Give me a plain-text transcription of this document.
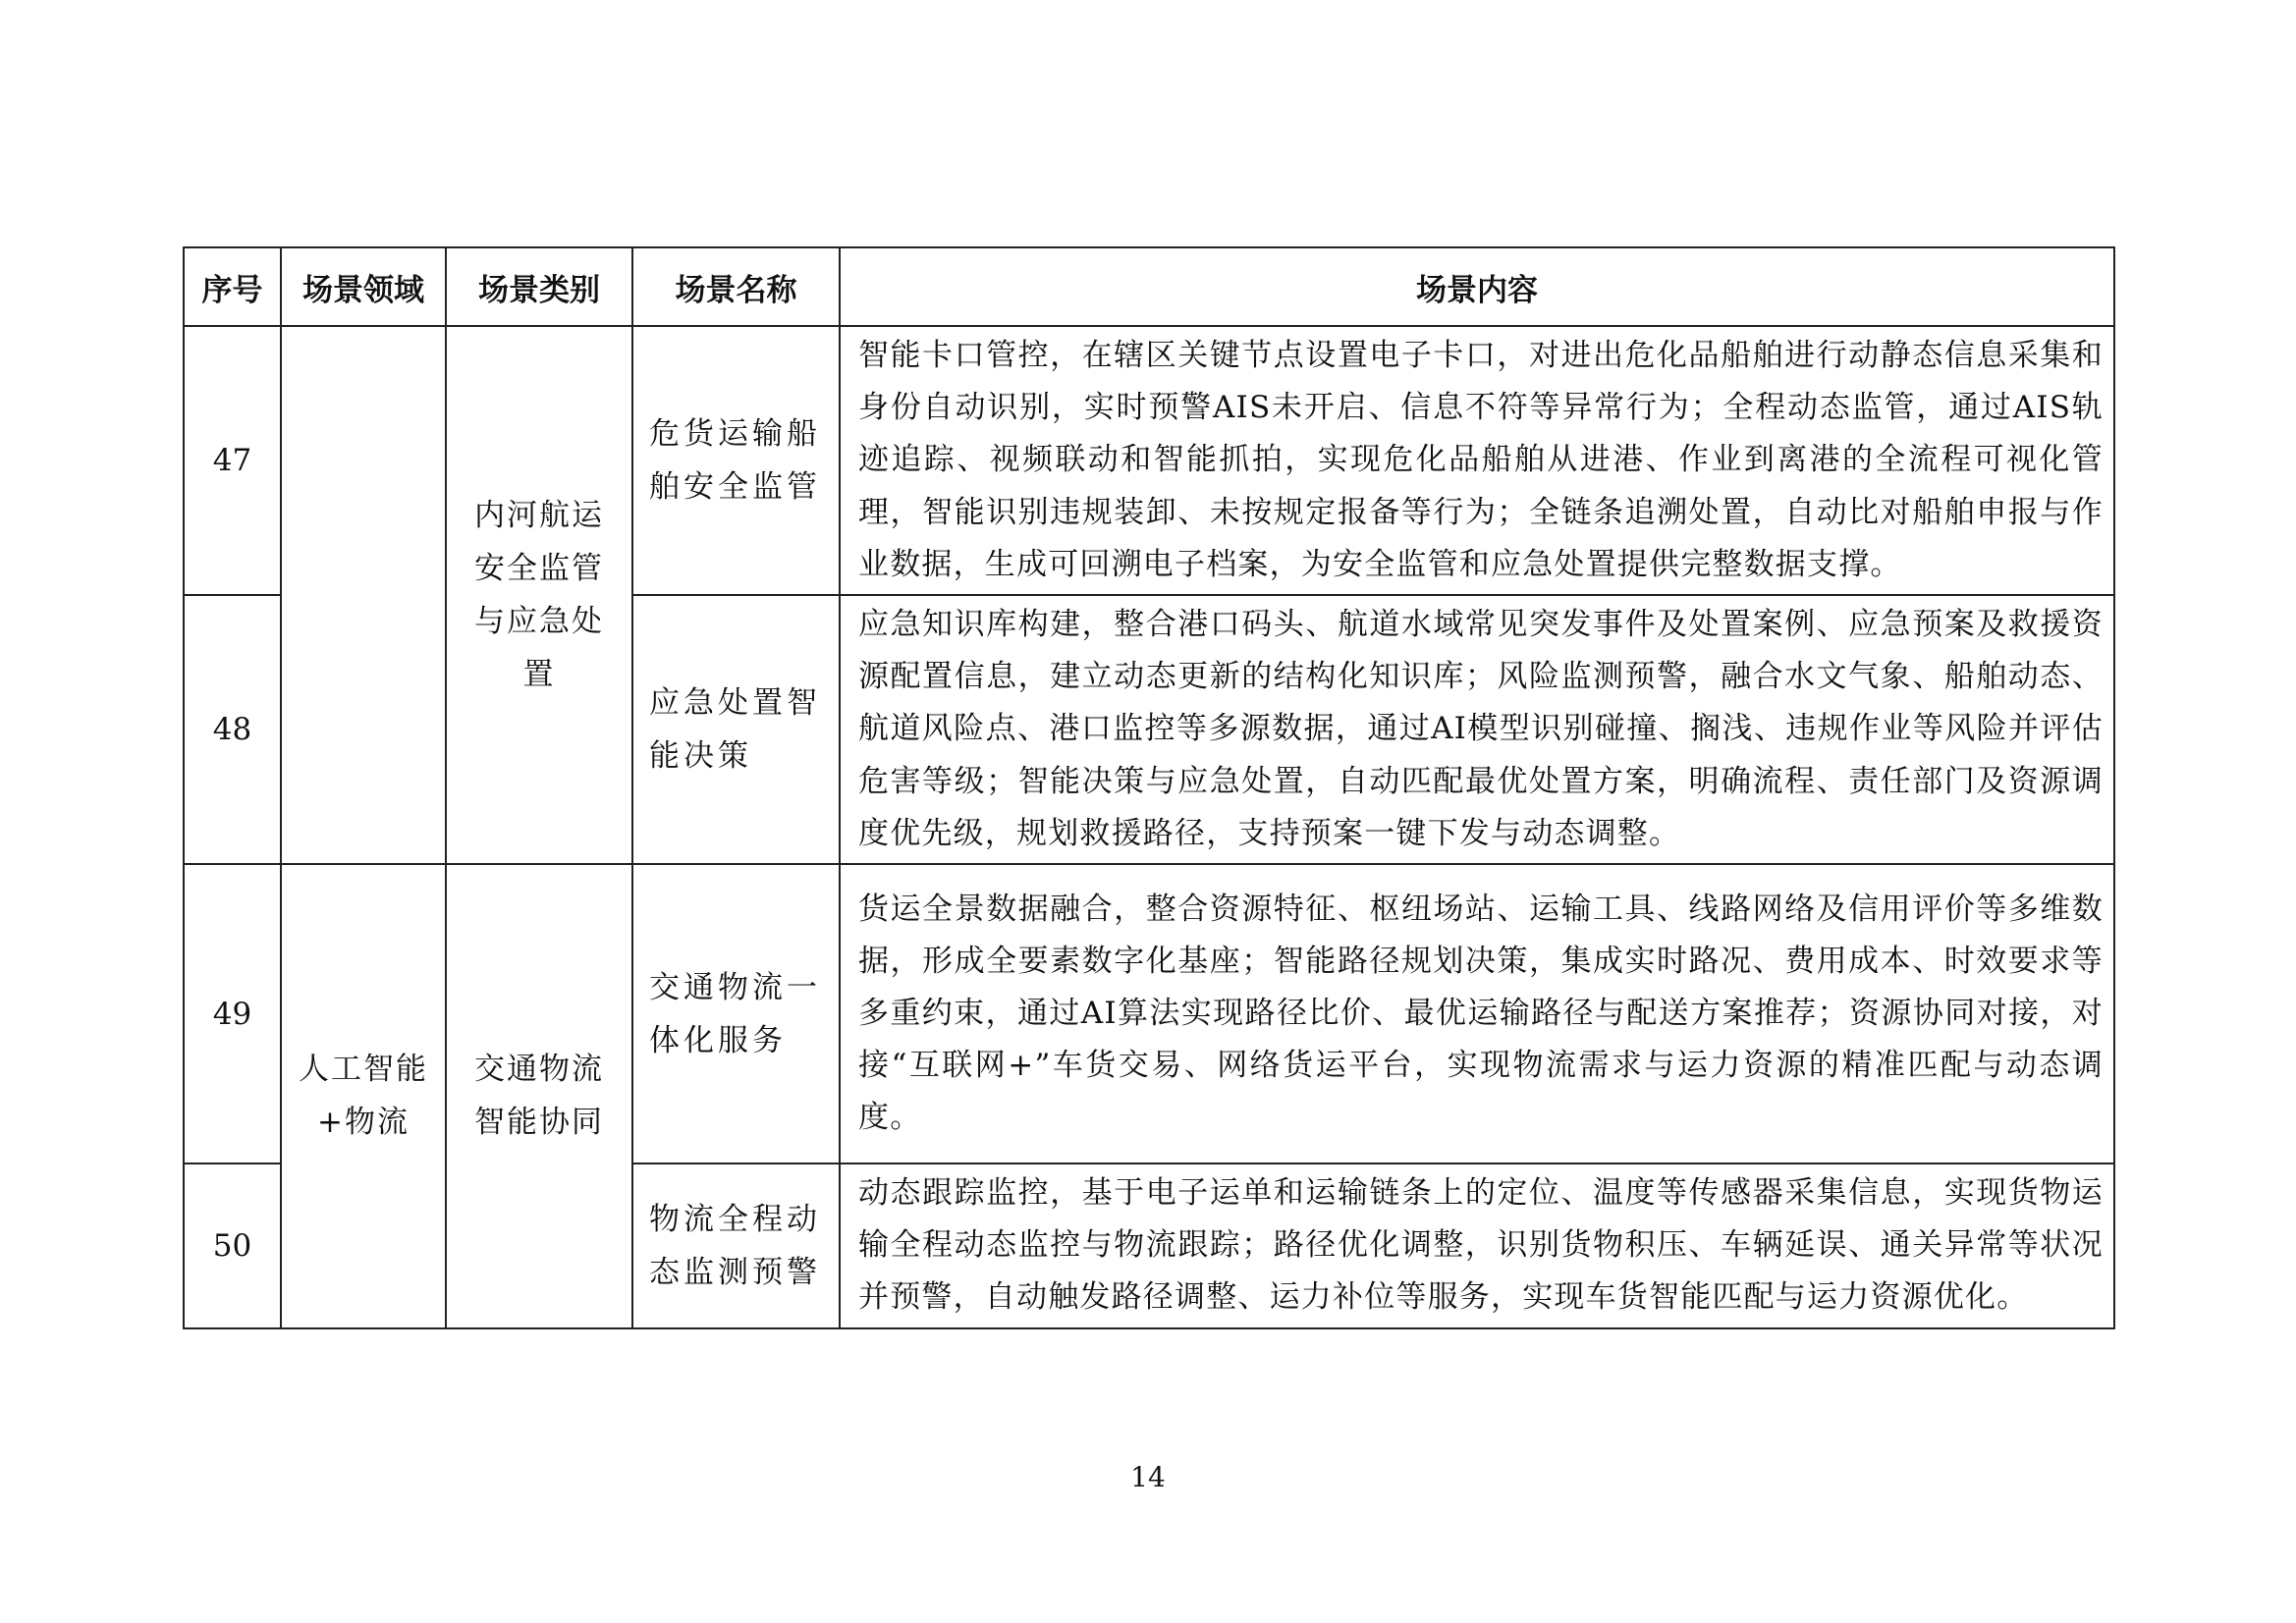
序号	场景领域	场景类别	场景名称	场景内容
47		内河航运安全监管与应急处置	危货运输船舶安全监管	智能卡口管控，在辖区关键节点设置电子卡口，对进出危化品船舶进行动静态信息采集和身份自动识别，实时预警AIS未开启、信息不符等异常行为；全程动态监管，通过AIS轨迹追踪、视频联动和智能抓拍，实现危化品船舶从进港、作业到离港的全流程可视化管理，智能识别违规装卸、未按规定报备等行为；全链条追溯处置，自动比对船舶申报与作业数据，生成可回溯电子档案，为安全监管和应急处置提供完整数据支撑。

48			应急处置智能决策	应急知识库构建，整合港口码头、航道水域常见突发事件及处置案例、应急预案及救援资源配置信息，建立动态更新的结构化知识库；风险监测预警，融合水文气象、船舶动态、航道风险点、港口监控等多源数据，通过AI模型识别碰撞、搁浅、违规作业等风险并评估危害等级；智能决策与应急处置，自动匹配最优处置方案，明确流程、责任部门及资源调度优先级，规划救援路径，支持预案一键下发与动态调整。

49	人工智能+物流	交通物流智能协同	交通物流一体化服务	货运全景数据融合，整合资源特征、枢纽场站、运输工具、线路网络及信用评价等多维数据，形成全要素数字化基座；智能路径规划决策，集成实时路况、费用成本、时效要求等多重约束，通过AI算法实现路径比价、最优运输路径与配送方案推荐；资源协同对接，对接“互联网+”车货交易、网络货运平台，实现物流需求与运力资源的精准匹配与动态调度。

50			物流全程动态监测预警	动态跟踪监控，基于电子运单和运输链条上的定位、温度等传感器采集信息，实现货物运输全程动态监控与物流跟踪；路径优化调整，识别货物积压、车辆延误、通关异常等状况并预警，自动触发路径调整、运力补位等服务，实现车货智能匹配与运力资源优化。
14
